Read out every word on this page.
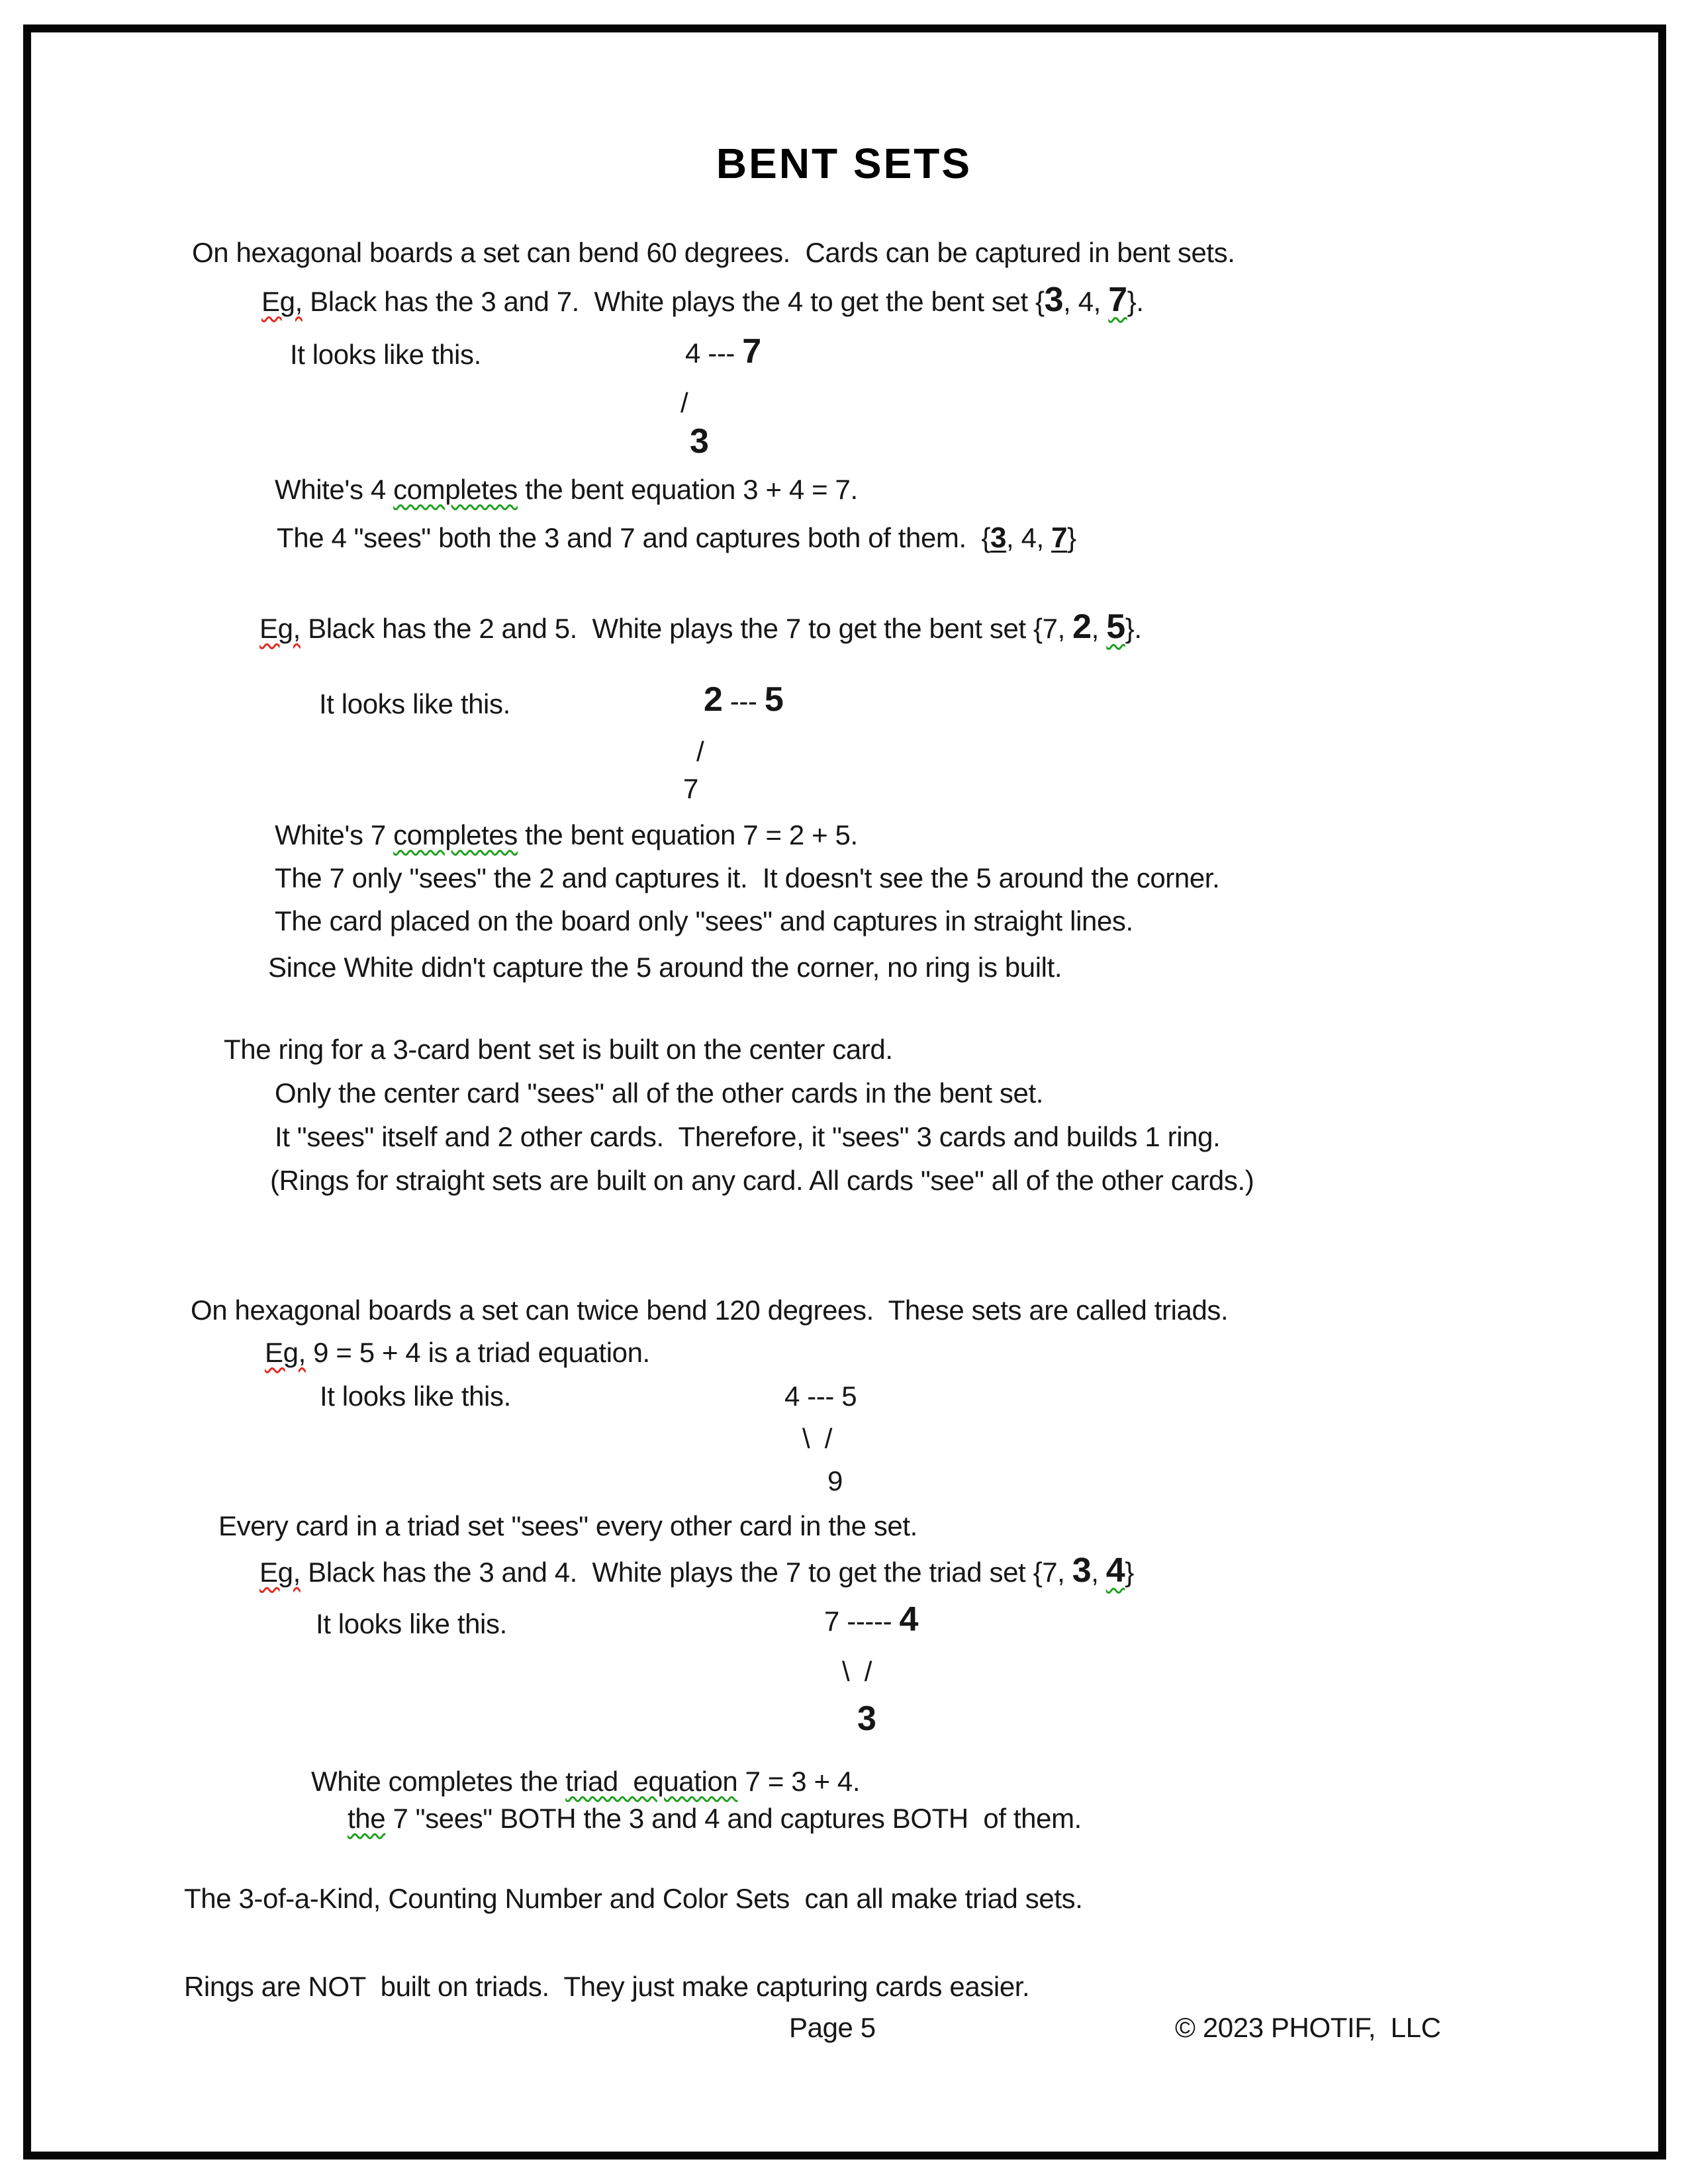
BENT SETS
On hexagonal boards a set can bend 60 degrees.  Cards can be captured in bent sets.
Eg, Black has the 3 and 7.  White plays the 4 to get the bent set {3, 4, 7}.
It looks like this.	4 --- 7
/
3
White's 4 completes the bent equation 3 + 4 = 7.
The 4 "sees" both the 3 and 7 and captures both of them.  {3, 4, 7}
Eg, Black has the 2 and 5.  White plays the 7 to get the bent set {7, 2, 5}.
It looks like this.	2 --- 5
/
7
White's 7 completes the bent equation 7 = 2 + 5.
The 7 only "sees" the 2 and captures it.  It doesn't see the 5 around the corner.
The card placed on the board only "sees" and captures in straight lines.
Since White didn't capture the 5 around the corner, no ring is built.
The ring for a 3-card bent set is built on the center card.
Only the center card "sees" all of the other cards in the bent set.
It "sees" itself and 2 other cards.  Therefore, it "sees" 3 cards and builds 1 ring.
(Rings for straight sets are built on any card. All cards "see" all of the other cards.)
On hexagonal boards a set can twice bend 120 degrees.  These sets are called triads.
Eg, 9 = 5 + 4 is a triad equation.
It looks like this.	4 --- 5
\  /
9
Every card in a triad set "sees" every other card in the set.
Eg, Black has the 3 and 4.  White plays the 7 to get the triad set {7, 3, 4}
It looks like this.	7 ----- 4
\  /
3
White completes the triad  equation 7 = 3 + 4.
the 7 "sees" BOTH the 3 and 4 and captures BOTH  of them.
The 3-of-a-Kind, Counting Number and Color Sets  can all make triad sets.
Rings are NOT  built on triads.  They just make capturing cards easier.
Page 5	© 2023 PHOTIF,  LLC
